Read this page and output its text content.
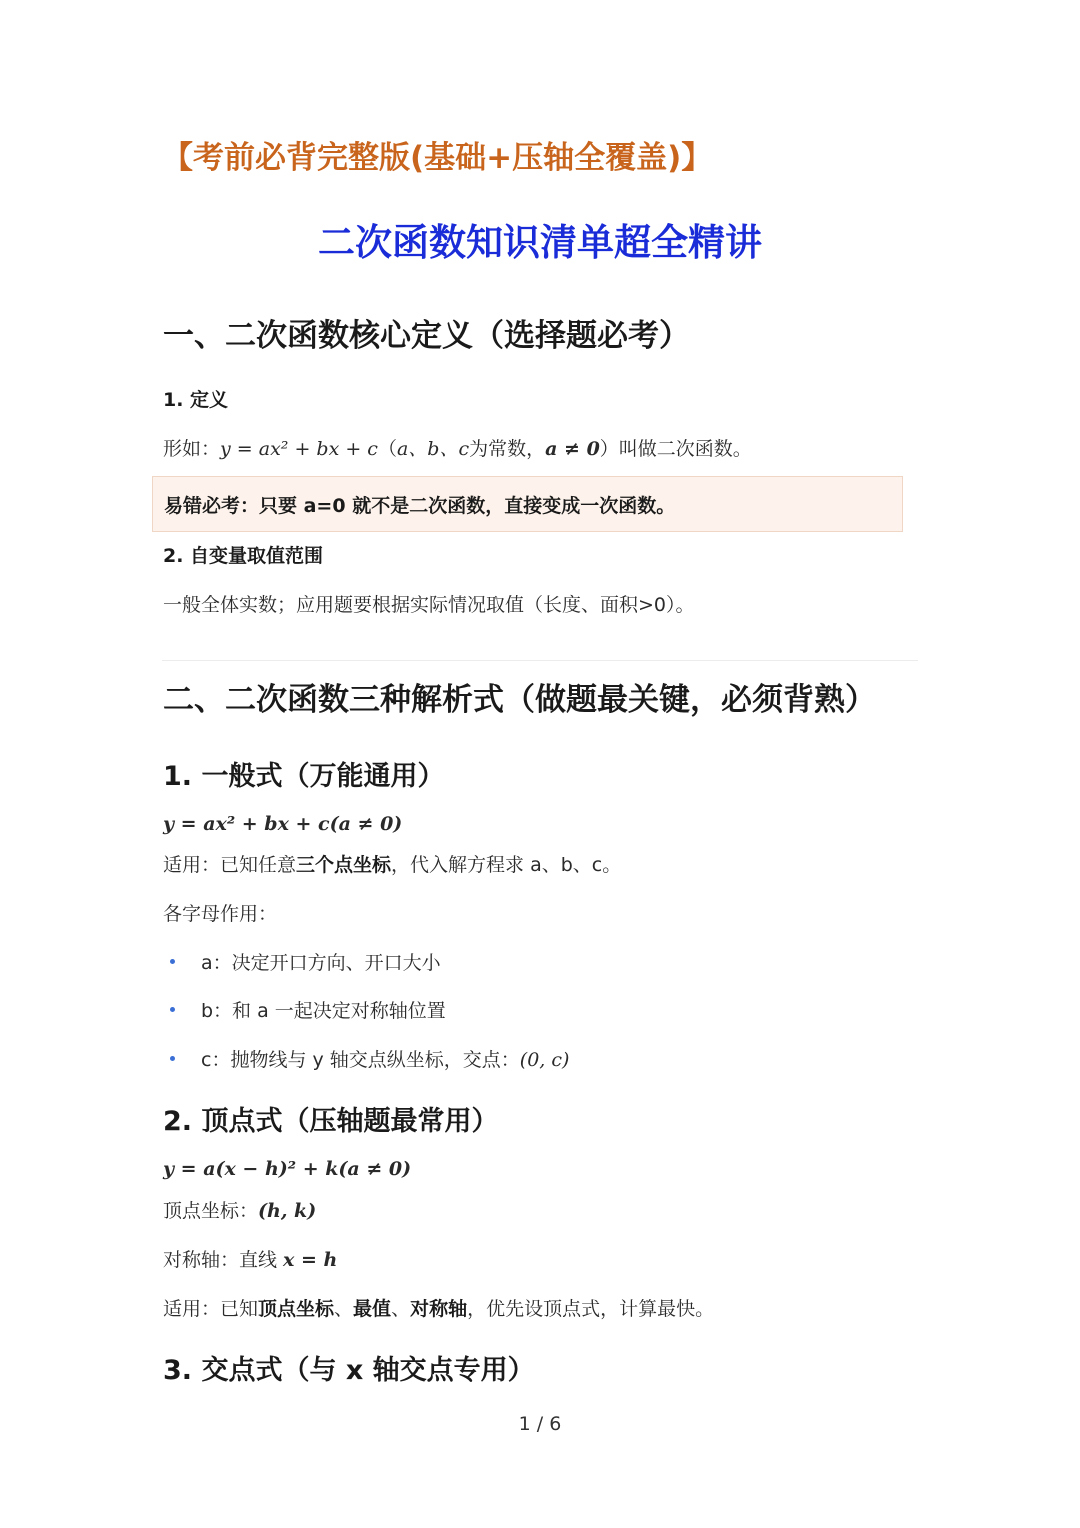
【考前必背完整版(基础+压轴全覆盖)】
二次函数知识清单超全精讲
一、二次函数核心定义（选择题必考）
1. 定义
形如：y = ax² + bx + c（a、b、c为常数，a ≠ 0）叫做二次函数。
易错必考：只要 a=0 就不是二次函数，直接变成一次函数。
2. 自变量取值范围
一般全体实数；应用题要根据实际情况取值（长度、面积>0）。
二、二次函数三种解析式（做题最关键，必须背熟）
1. 一般式（万能通用）
y = ax² + bx + c(a ≠ 0)
适用：已知任意三个点坐标，代入解方程求 a、b、c。
各字母作用：
a：决定开口方向、开口大小
b：和 a 一起决定对称轴位置
c：抛物线与 y 轴交点纵坐标，交点：(0, c)
2. 顶点式（压轴题最常用）
y = a(x − h)² + k(a ≠ 0)
顶点坐标：(h, k)
对称轴：直线 x = h
适用：已知顶点坐标、最值、对称轴，优先设顶点式，计算最快。
3. 交点式（与 x 轴交点专用）
1 / 6
